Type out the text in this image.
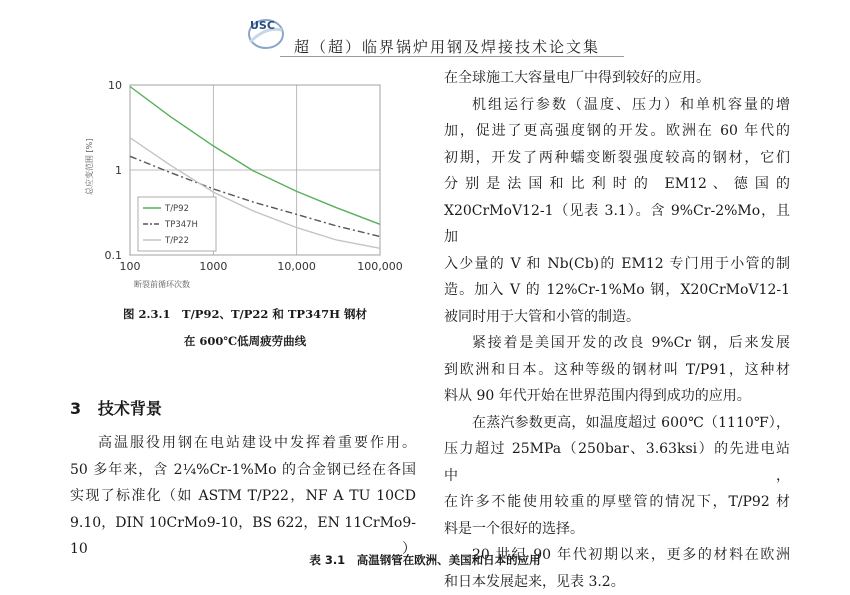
USC
超（超）临界锅炉用钢及焊接技术论文集
100	1000	10,000	100,000
10
1
0.1
断裂前循环次数
总应变范围 [%]
T/P92
TP347H
T/P22
图 2.3.1　T/P92、T/P22 和 TP347H 钢材
在 600℃低周疲劳曲线
3 技术背景

高温服役用钢在电站建设中发挥着重要作用。

50 多年来，含 2¼%Cr-1%Mo 的合金钢已经在各国

实现了标准化（如 ASTM T/P22，NF A TU 10CD

9.10，DIN 10CrMo9-10，BS 622，EN 11CrMo9-10）

在全球施工大容量电厂中得到较好的应用。

机组运行参数（温度、压力）和单机容量的增

加，促进了更高强度钢的开发。欧洲在 60 年代的

初期，开发了两种蠕变断裂强度较高的钢材，它们

分 别 是 法 国 和 比 利 时 的　EM12 、 德 国 的

X20CrMoV12-1（见表 3.1）。含 9%Cr-2%Mo，且加

入少量的 V 和 Nb(Cb)的 EM12 专门用于小管的制

造。加入 V 的 12%Cr-1%Mo 钢，X20CrMoV12-1

被同时用于大管和小管的制造。

紧接着是美国开发的改良 9%Cr 钢，后来发展

到欧洲和日本。这种等级的钢材叫 T/P91，这种材

料从 90 年代开始在世界范围内得到成功的应用。

在蒸汽参数更高，如温度超过 600℃（1110℉），

压力超过 25MPa（250bar、3.63ksi）的先进电站中，

在许多不能使用较重的厚壁管的情况下，T/P92 材

料是一个很好的选择。

20 世纪 90 年代初期以来，更多的材料在欧洲

和日本发展起来，见表 3.2。

表 3.1　高温钢管在欧洲、美国和日本的应用
